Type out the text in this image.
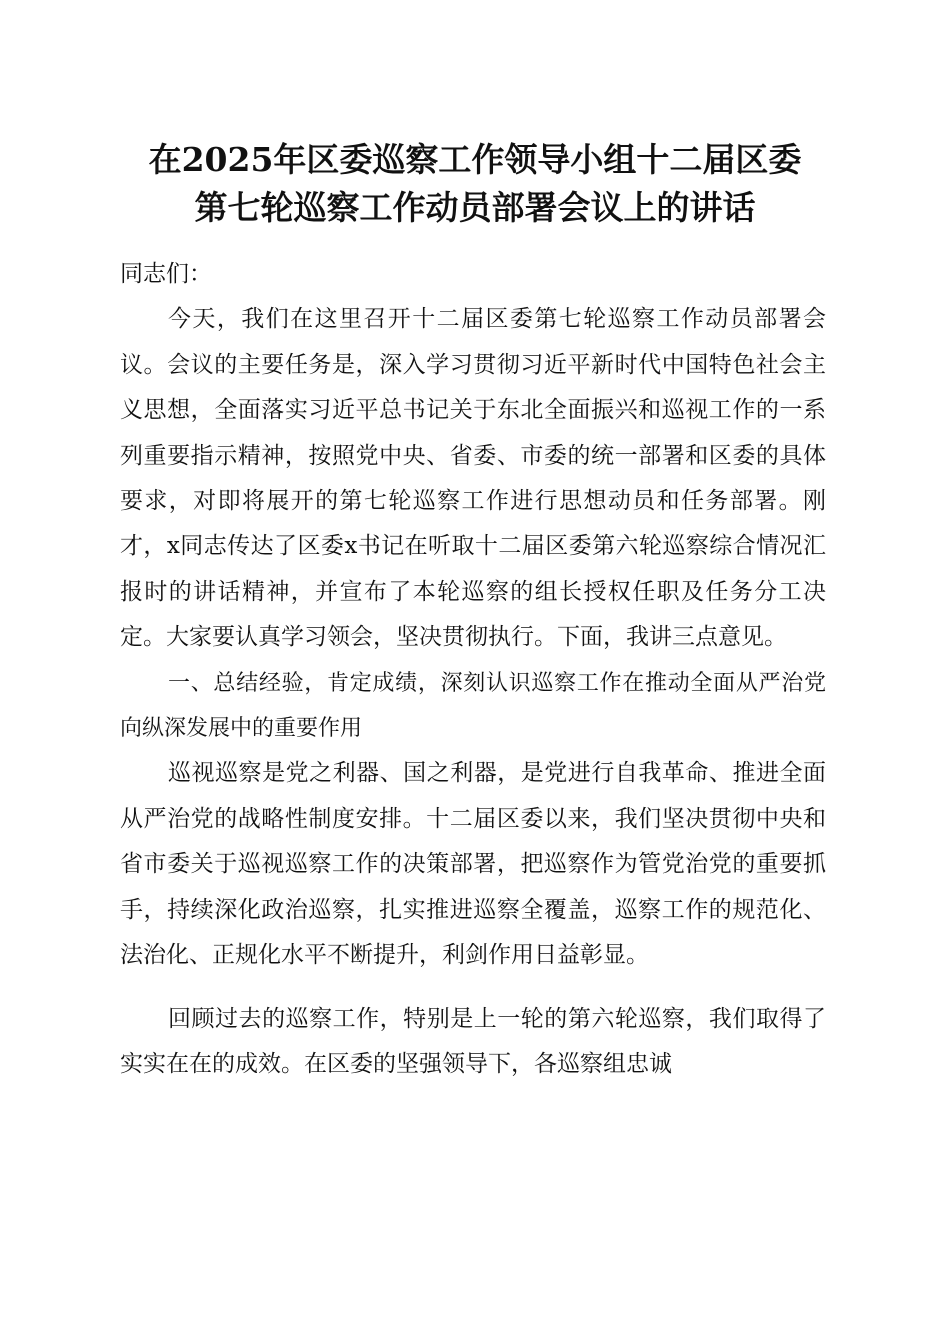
在2025年区委巡察工作领导小组十二届区委
第七轮巡察工作动员部署会议上的讲话

同志们：

今天，我们在这里召开十二届区委第七轮巡察工作动员部署会议。会议的主要任务是，深入学习贯彻习近平新时代中国特色社会主义思想，全面落实习近平总书记关于东北全面振兴和巡视工作的一系列重要指示精神，按照党中央、省委、市委的统一部署和区委的具体要求，对即将展开的第七轮巡察工作进行思想动员和任务部署。刚才，x同志传达了区委x书记在听取十二届区委第六轮巡察综合情况汇报时的讲话精神，并宣布了本轮巡察的组长授权任职及任务分工决定。大家要认真学习领会，坚决贯彻执行。下面，我讲三点意见。

一、总结经验，肯定成绩，深刻认识巡察工作在推动全面从严治党向纵深发展中的重要作用

巡视巡察是党之利器、国之利器，是党进行自我革命、推进全面从严治党的战略性制度安排。十二届区委以来，我们坚决贯彻中央和省市委关于巡视巡察工作的决策部署，把巡察作为管党治党的重要抓手，持续深化政治巡察，扎实推进巡察全覆盖，巡察工作的规范化、法治化、正规化水平不断提升，利剑作用日益彰显。

回顾过去的巡察工作，特别是上一轮的第六轮巡察，我们取得了实实在在的成效。在区委的坚强领导下，各巡察组忠诚
